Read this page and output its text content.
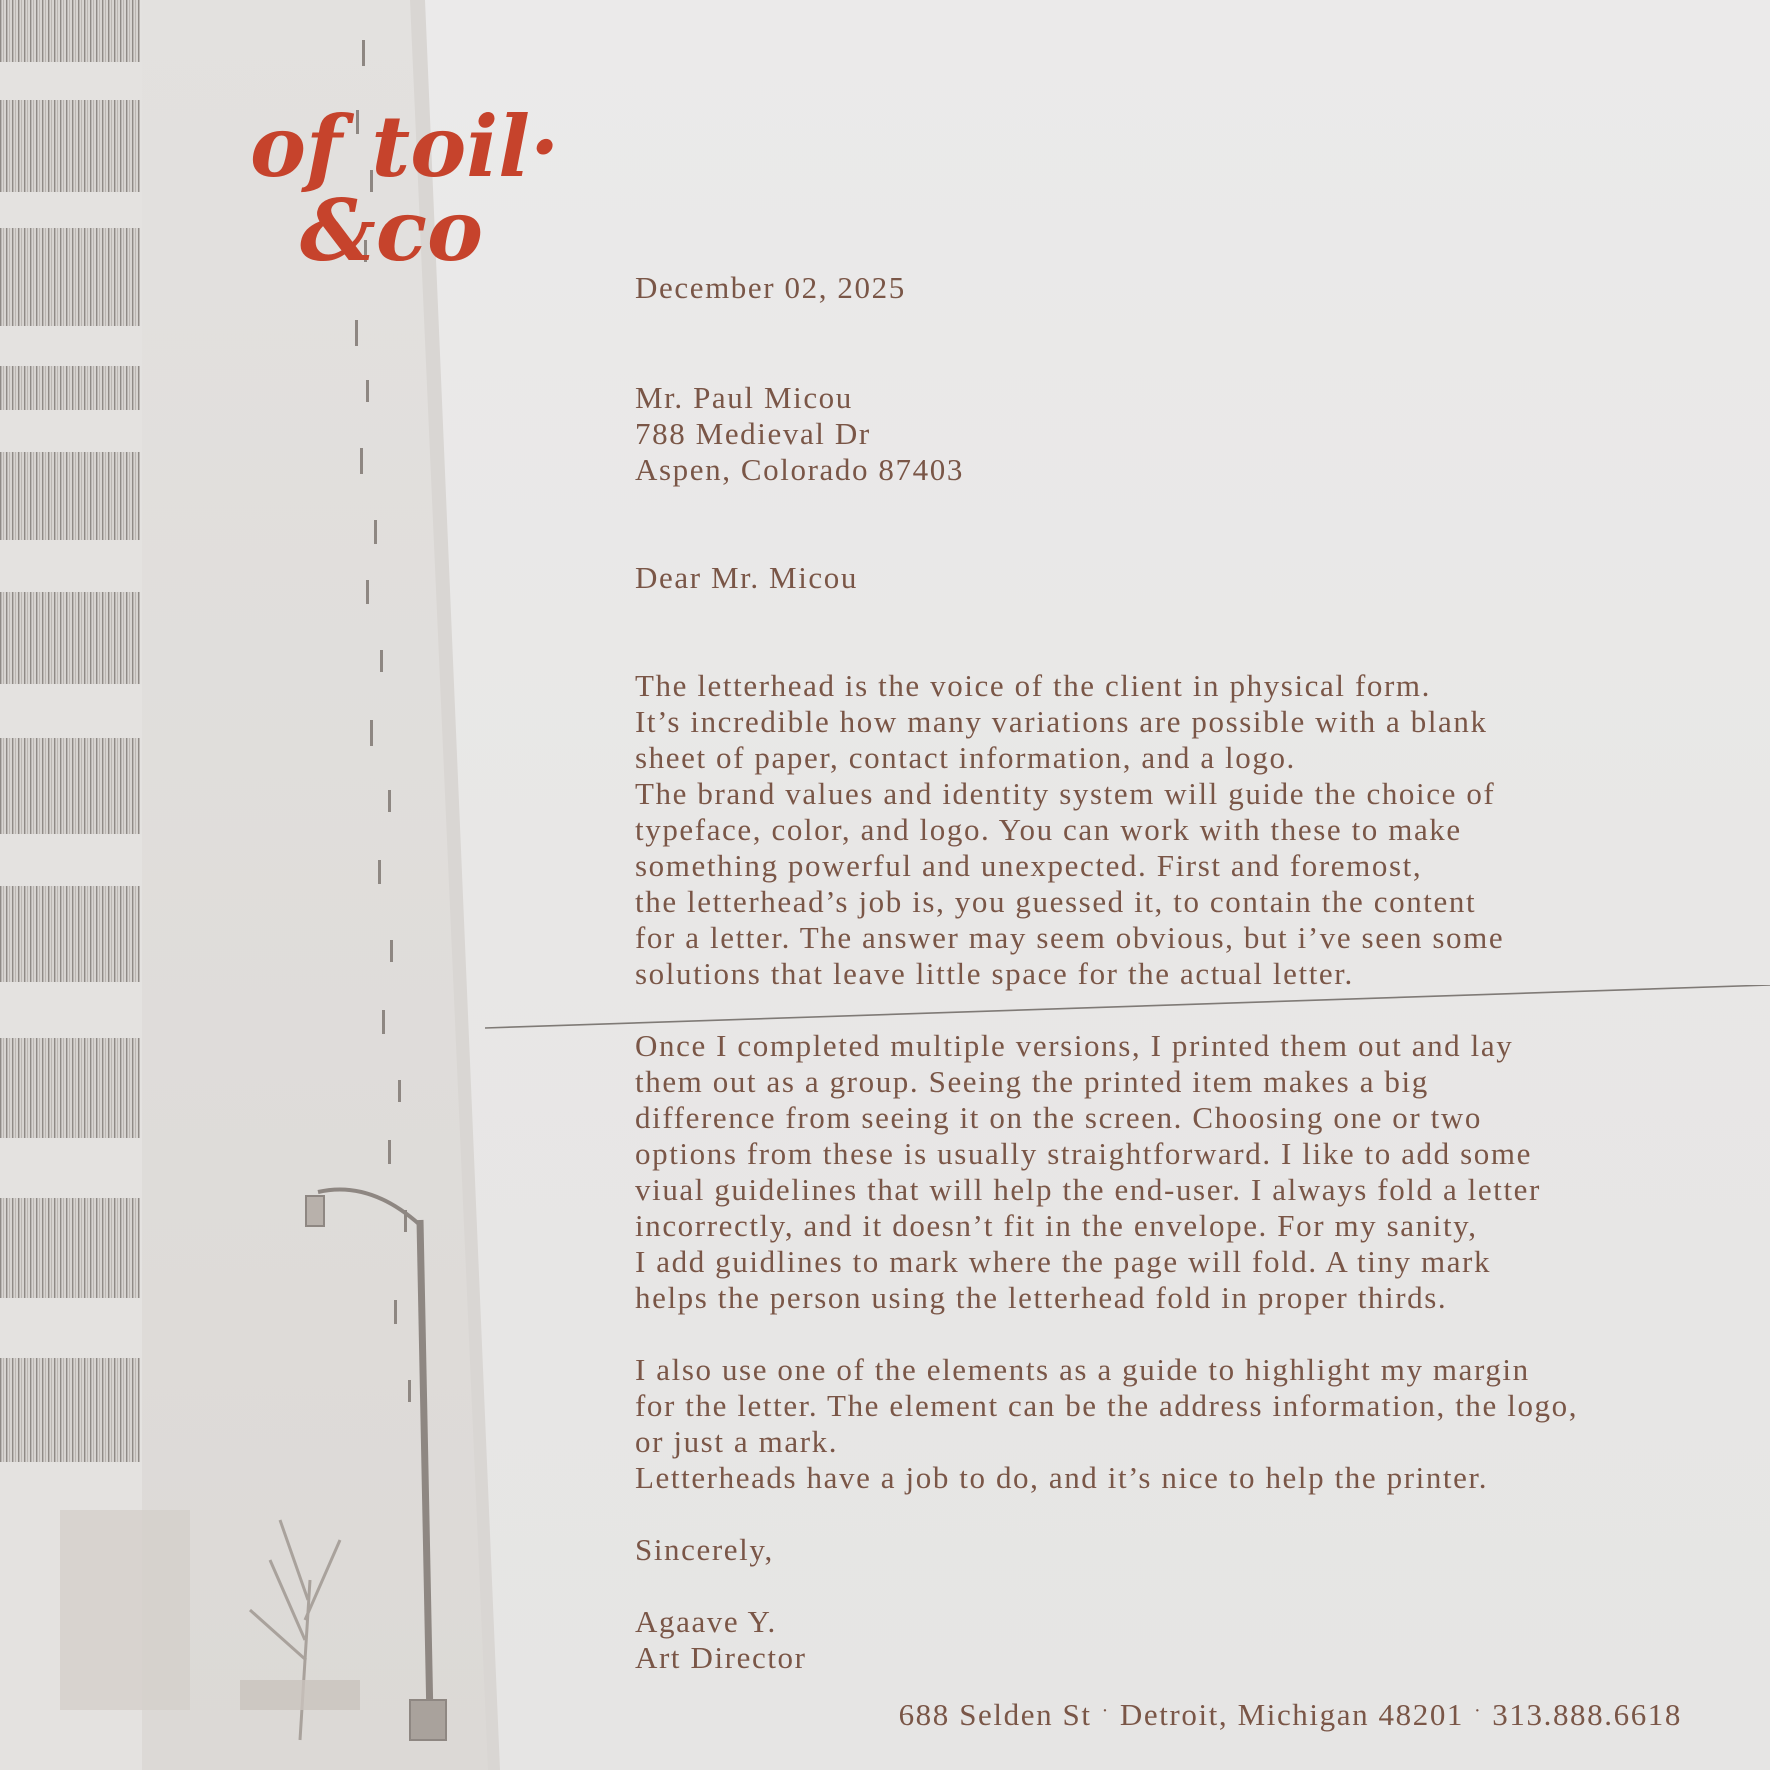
of toil·
&co
December 02, 2025
Mr. Paul Micou
788 Medieval Dr
Aspen, Colorado 87403
Dear Mr. Micou
The letterhead is the voice of the client in physical form.
It’s incredible how many variations are possible with a blank
sheet of paper, contact information, and a logo.
The brand values and identity system will guide the choice of
typeface, color, and logo. You can work with these to make
something powerful and unexpected. First and foremost,
the letterhead’s job is, you guessed it, to contain the content
for a letter. The answer may seem obvious, but i’ve seen some
solutions that leave little space for the actual letter.
Once I completed multiple versions, I printed them out and lay
them out as a group. Seeing the printed item makes a big
difference from seeing it on the screen. Choosing one or two
options from these is usually straightforward. I like to add some
viual guidelines that will help the end-user. I always fold a letter
incorrectly, and it doesn’t fit in the envelope. For my sanity,
I add guidlines to mark where the page will fold. A tiny mark
helps the person using the letterhead fold in proper thirds.
I also use one of the elements as a guide to highlight my margin
for the letter. The element can be the address information, the logo,
or just a mark.
Letterheads have a job to do, and it’s nice to help the printer.
Sincerely,
Agaave Y.
Art Director
688 Selden St · Detroit, Michigan 48201 · 313.888.6618
